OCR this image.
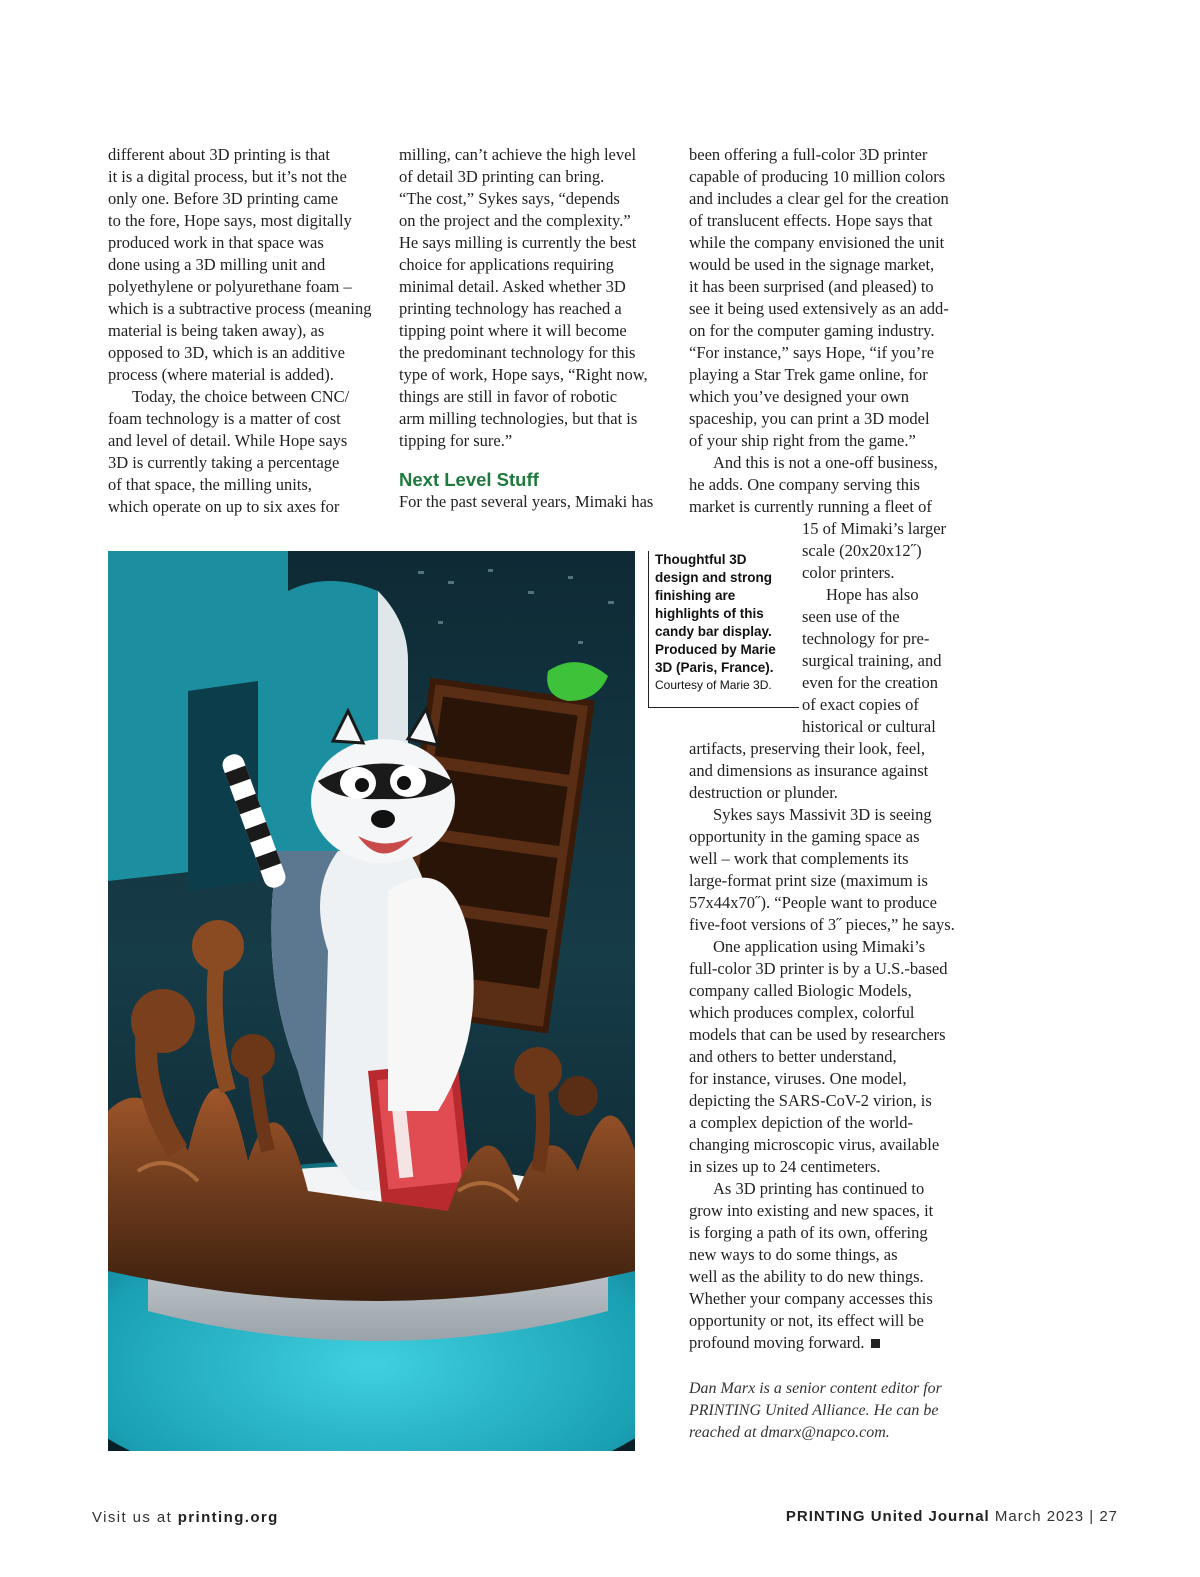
different about 3D printing is that
it is a digital process, but it’s not the
only one. Before 3D printing came
to the fore, Hope says, most digitally
produced work in that space was
done using a 3D milling unit and
polyethylene or polyurethane foam –
which is a subtractive process (meaning
material is being taken away), as
opposed to 3D, which is an additive
process (where material is added).
Today, the choice between CNC/
foam technology is a matter of cost
and level of detail. While Hope says
3D is currently taking a percentage
of that space, the milling units,
which operate on up to six axes for
milling, can’t achieve the high level
of detail 3D printing can bring.
“The cost,” Sykes says, “depends
on the project and the complexity.”
He says milling is currently the best
choice for applications requiring
minimal detail. Asked whether 3D
printing technology has reached a
tipping point where it will become
the predominant technology for this
type of work, Hope says, “Right now,
things are still in favor of robotic
arm milling technologies, but that is
tipping for sure.”
Next Level Stuff
For the past several years, Mimaki has
been offering a full-color 3D printer
capable of producing 10 million colors
and includes a clear gel for the creation
of translucent effects. Hope says that
while the company envisioned the unit
would be used in the signage market,
it has been surprised (and pleased) to
see it being used extensively as an add-
on for the computer gaming industry.
“For instance,” says Hope, “if you’re
playing a Star Trek game online, for
which you’ve designed your own
spaceship, you can print a 3D model
of your ship right from the game.”
And this is not a one-off business,
he adds. One company serving this
market is currently running a fleet of
15 of Mimaki’s larger
scale (20x20x12˝)
color printers.
Hope has also
seen use of the
technology for pre-
surgical training, and
even for the creation
of exact copies of
historical or cultural
artifacts, preserving their look, feel,
and dimensions as insurance against
destruction or plunder.
Sykes says Massivit 3D is seeing
opportunity in the gaming space as
well – work that complements its
large-format print size (maximum is
57x44x70˝). “People want to produce
five-foot versions of 3˝ pieces,” he says.
One application using Mimaki’s
full-color 3D printer is by a U.S.-based
company called Biologic Models,
which produces complex, colorful
models that can be used by researchers
and others to better understand,
for instance, viruses. One model,
depicting the SARS-CoV-2 virion, is
a complex depiction of the world-
changing microscopic virus, available
in sizes up to 24 centimeters.
As 3D printing has continued to
grow into existing and new spaces, it
is forging a path of its own, offering
new ways to do some things, as
well as the ability to do new things.
Whether your company accesses this
opportunity or not, its effect will be
profound moving forward.
Thoughtful 3D
design and strong
finishing are
highlights of this
candy bar display.
Produced by Marie
3D (Paris, France).
Courtesy of Marie 3D.
Dan Marx is a senior content editor for
PRINTING United Alliance. He can be
reached at dmarx@napco.com.
Visit us at printing.org	PRINTING United Journal March 2023 | 27
